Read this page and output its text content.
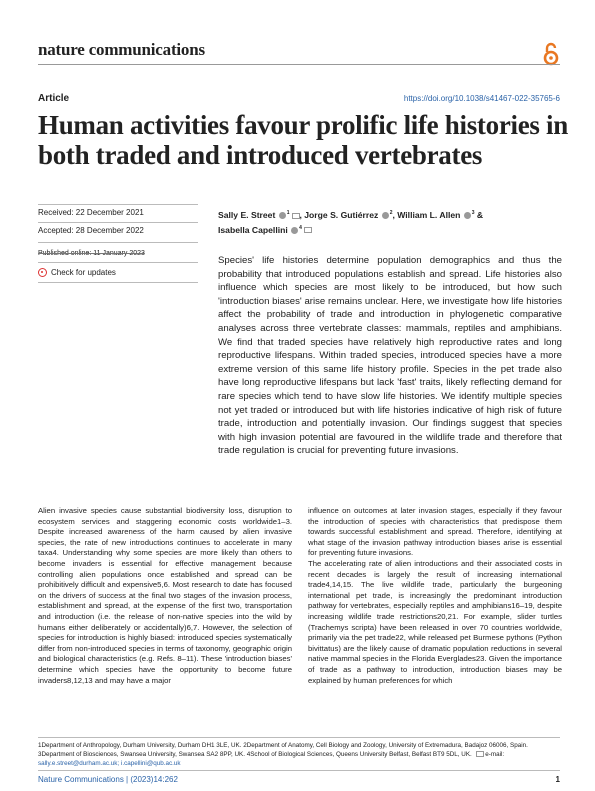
nature communications
Article	https://doi.org/10.1038/s41467-022-35765-6
Human activities favour prolific life histories in both traded and introduced vertebrates
Received: 22 December 2021
Accepted: 28 December 2022
Published online: 11 January 2023
Check for updates
Sally E. Street $^1$ , Jorge S. Gutiérrez $^2$, William L. Allen $^3$ &
Isabella Capellini $^4$
Species' life histories determine population demographics and thus the probability that introduced populations establish and spread. Life histories also influence which species are most likely to be introduced, but how such 'introduction biases' arise remains unclear. Here, we investigate how life histories affect the probability of trade and introduction in phylogenetic comparative analyses across three vertebrate classes: mammals, reptiles and amphibians. We find that traded species have relatively high reproductive rates and long reproductive lifespans. Within traded species, introduced species have a more extreme version of this same life history profile. Species in the pet trade also have long reproductive lifespans but lack 'fast' traits, likely reflecting demand for rare species which tend to have slow life histories. We identify multiple species not yet traded or introduced but with life histories indicative of high risk of future trade, introduction and potentially invasion. Our findings suggest that species with high invasion potential are favoured in the wildlife trade and therefore that trade regulation is crucial for preventing future invasions.
Alien invasive species cause substantial biodiversity loss, disruption to ecosystem services and staggering economic costs worldwide1–3. Despite increased awareness of the harm caused by alien invasive species, the rate of new introductions continues to accelerate in many taxa4. Understanding why some species are more likely than others to become invaders is essential for effective management because controlling alien populations once established and spread can be prohibitively difficult and expensive5,6. Most research to date has focused on the drivers of success at the final two stages of the invasion process, establishment and spread, at the expense of the first two, transportation and introduction (i.e. the release of non-native species into the wild by humans either deliberately or accidentally)6,7. However, the selection of species for introduction is highly biased: introduced species systematically differ from non-introduced species in terms of taxonomy, geographic origin and biological characteristics (e.g. Refs. 8–11). These 'introduction biases' determine which species have the opportunity to become future invaders8,12,13 and may have a major
influence on outcomes at later invasion stages, especially if they favour the introduction of species with characteristics that predispose them towards successful establishment and spread. Therefore, identifying at what stage of the invasion pathway introduction biases arise is essential for preventing future invasions.
The accelerating rate of alien introductions and their associated costs in recent decades is largely the result of increasing international trade4,14,15. The live wildlife trade, particularly the burgeoning international pet trade, is increasingly the predominant introduction pathway for vertebrates, especially reptiles and amphibians16–19, despite increasing wildlife trade restrictions20,21. For example, slider turtles (Trachemys scripta) have been released in over 70 countries worldwide, primarily via the pet trade22, while released pet Burmese pythons (Python bivittatus) are the likely cause of dramatic population reductions in several native mammal species in the Florida Everglades23. Given the importance of trade as a pathway to introduction, introduction biases may be explained by human preferences for which
1Department of Anthropology, Durham University, Durham DH1 3LE, UK. 2Department of Anatomy, Cell Biology and Zoology, University of Extremadura, Badajoz 06006, Spain. 3Department of Biosciences, Swansea University, Swansea SA2 8PP, UK. 4School of Biological Sciences, Queens University Belfast, Belfast BT9 5DL, UK.  e-mail: sally.e.street@durham.ac.uk; i.capellini@qub.ac.uk
Nature Communications | (2023)14:262	1
